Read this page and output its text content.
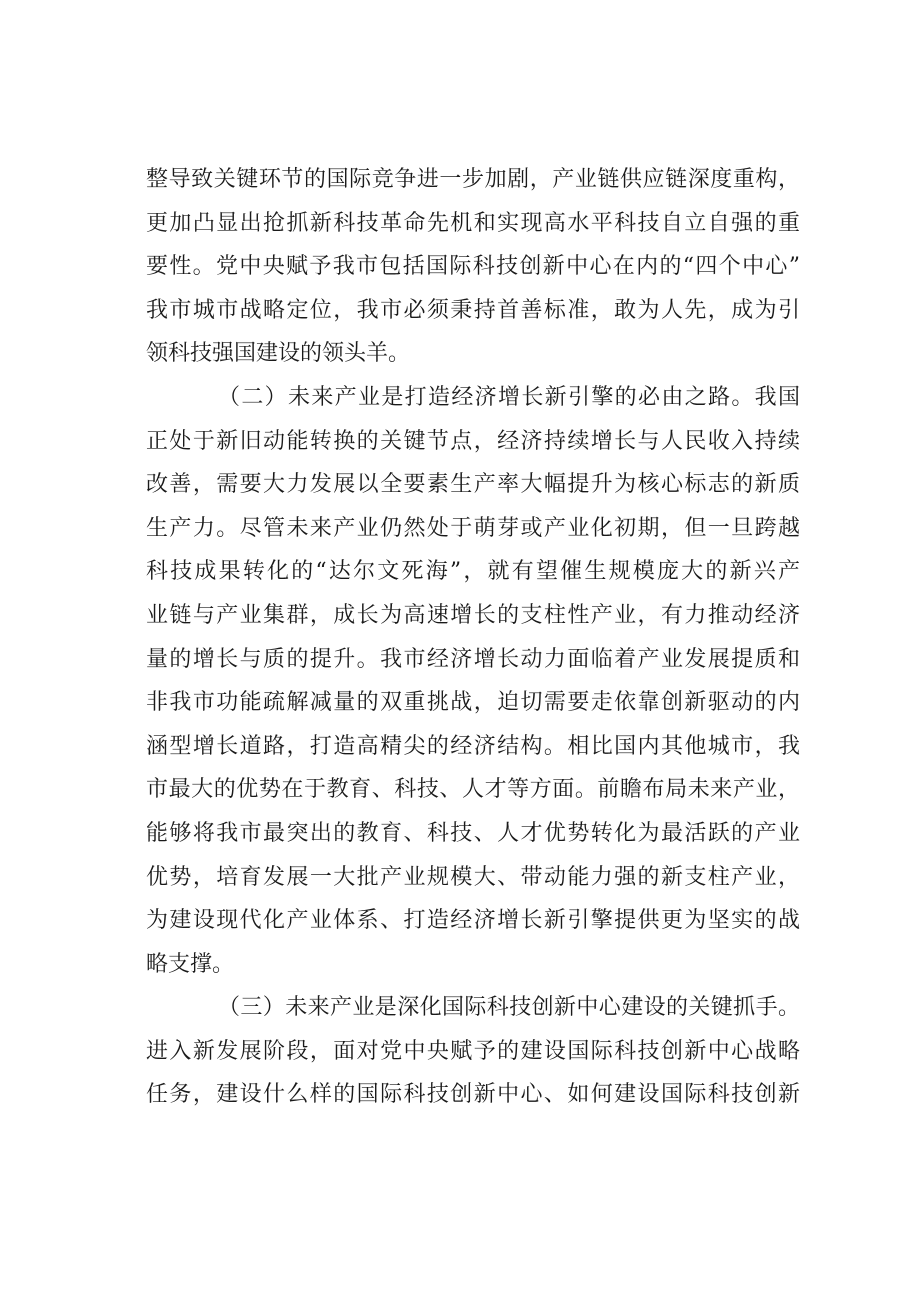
整导致关键环节的国际竞争进一步加剧，产业链供应链深度重构，
更加凸显出抢抓新科技革命先机和实现高水平科技自立自强的重
要性。党中央赋予我市包括国际科技创新中心在内的“四个中心”
我市城市战略定位，我市必须秉持首善标准，敢为人先，成为引
领科技强国建设的领头羊。
（二）未来产业是打造经济增长新引擎的必由之路。我国
正处于新旧动能转换的关键节点，经济持续增长与人民收入持续
改善，需要大力发展以全要素生产率大幅提升为核心标志的新质
生产力。尽管未来产业仍然处于萌芽或产业化初期，但一旦跨越
科技成果转化的“达尔文死海”，就有望催生规模庞大的新兴产
业链与产业集群，成长为高速增长的支柱性产业，有力推动经济
量的增长与质的提升。我市经济增长动力面临着产业发展提质和
非我市功能疏解减量的双重挑战，迫切需要走依靠创新驱动的内
涵型增长道路，打造高精尖的经济结构。相比国内其他城市，我
市最大的优势在于教育、科技、人才等方面。前瞻布局未来产业，
能够将我市最突出的教育、科技、人才优势转化为最活跃的产业
优势，培育发展一大批产业规模大、带动能力强的新支柱产业，
为建设现代化产业体系、打造经济增长新引擎提供更为坚实的战
略支撑。
（三）未来产业是深化国际科技创新中心建设的关键抓手。
进入新发展阶段，面对党中央赋予的建设国际科技创新中心战略
任务，建设什么样的国际科技创新中心、如何建设国际科技创新
